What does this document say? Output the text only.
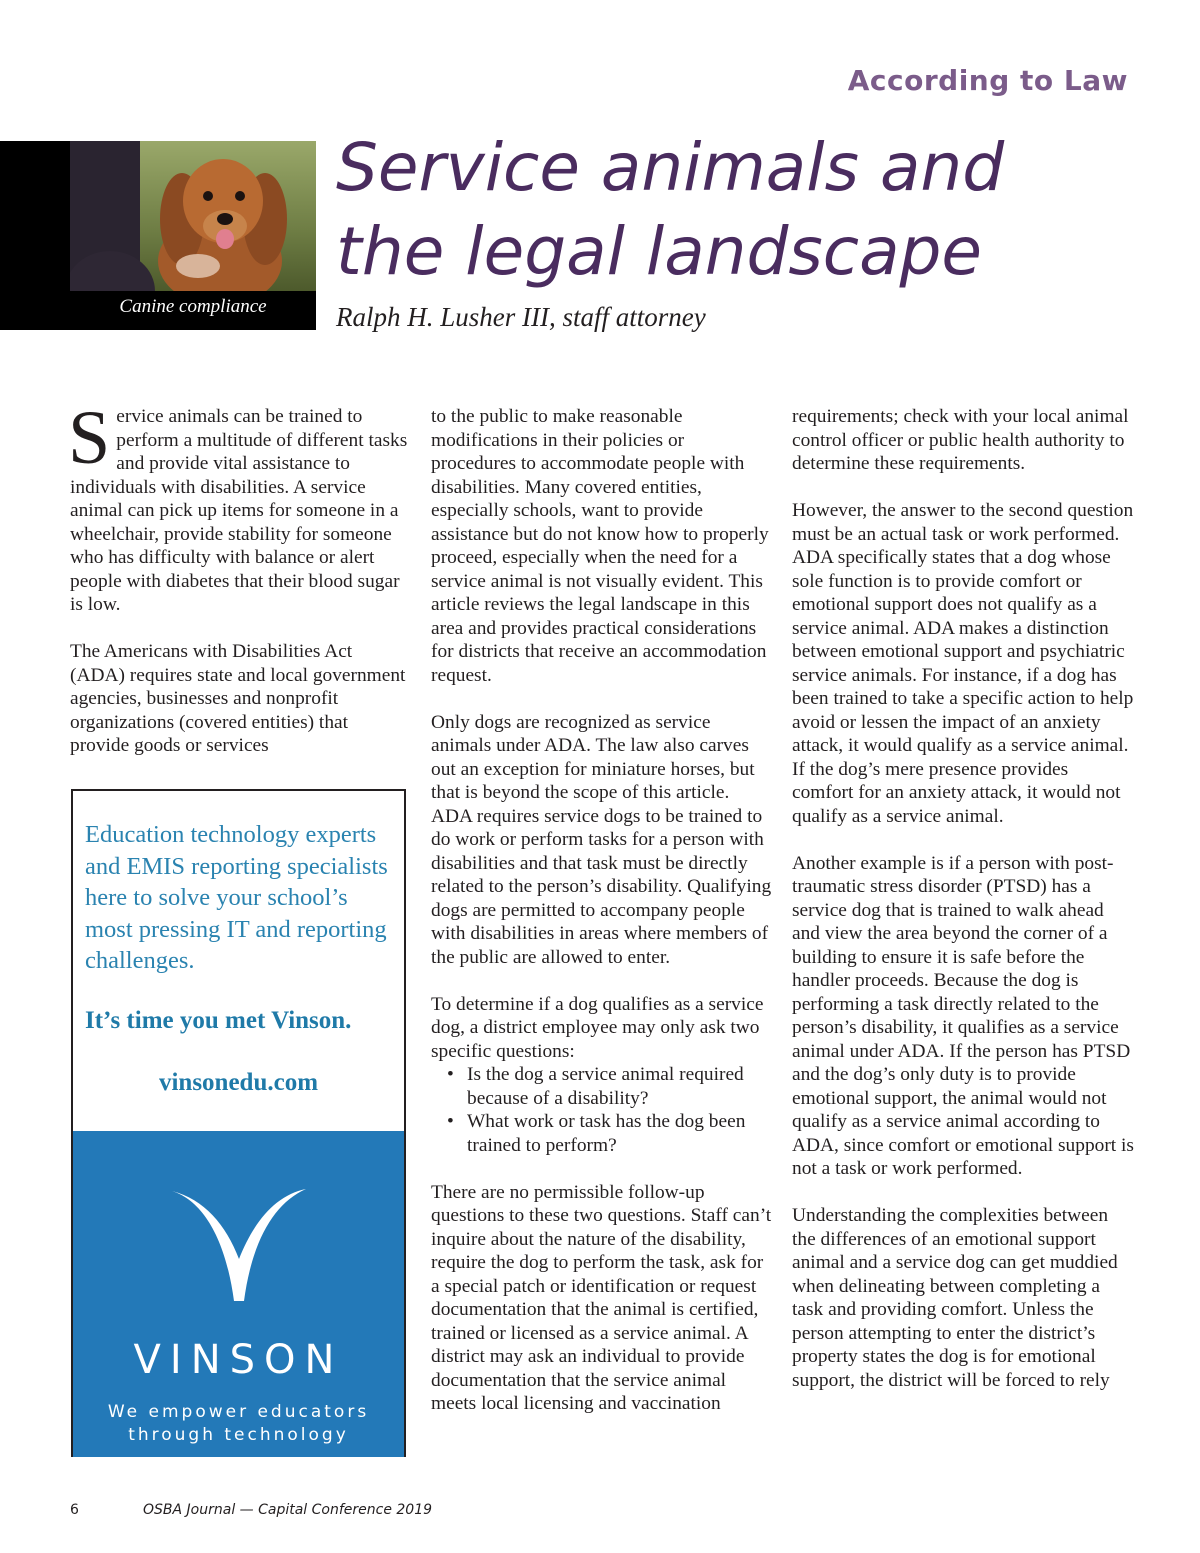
According to Law
Canine compliance
Service animals and
the legal landscape
Ralph H. Lusher III, staff attorney

Service animals can be trained to perform a multitude of different tasks and provide vital assistance to individuals with disabilities. A service animal can pick up items for someone in a wheelchair, provide stability for someone who has difficulty with balance or alert people with diabetes that their blood sugar is low.

The Americans with Disabilities Act (ADA) requires state and local government agencies, businesses and nonprofit organizations (covered entities) that provide goods or services

to the public to make reasonable modifications in their policies or procedures to accommodate people with disabilities. Many covered entities, especially schools, want to provide assistance but do not know how to properly proceed, especially when the need for a service animal is not visually evident. This article reviews the legal landscape in this area and provides practical considerations for districts that receive an accommodation request.

Only dogs are recognized as service animals under ADA. The law also carves out an exception for miniature horses, but that is beyond the scope of this article. ADA requires service dogs to be trained to do work or perform tasks for a person with disabilities and that task must be directly related to the person’s disability. Qualifying dogs are permitted to accompany people with disabilities in areas where members of the public are allowed to enter.

To determine if a dog qualifies as a service dog, a district employee may only ask two specific questions:

• Is the dog a service animal required because of a disability?
• What work or task has the dog been trained to perform?

There are no permissible follow-up questions to these two questions. Staff can’t inquire about the nature of the disability, require the dog to perform the task, ask for a special patch or identification or request documentation that the animal is certified, trained or licensed as a service animal. A district may ask an individual to provide documentation that the service animal meets local licensing and vaccination

requirements; check with your local animal control officer or public health authority to determine these requirements.

However, the answer to the second question must be an actual task or work performed. ADA specifically states that a dog whose sole function is to provide comfort or emotional support does not qualify as a service animal. ADA makes a distinction between emotional support and psychiatric service animals. For instance, if a dog has been trained to take a specific action to help avoid or lessen the impact of an anxiety attack, it would qualify as a service animal. If the dog’s mere presence provides comfort for an anxiety attack, it would not qualify as a service animal.

Another example is if a person with post-traumatic stress disorder (PTSD) has a service dog that is trained to walk ahead and view the area beyond the corner of a building to ensure it is safe before the handler proceeds. Because the dog is performing a task directly related to the person’s disability, it qualifies as a service animal under ADA. If the person has PTSD and the dog’s only duty is to provide emotional support, the animal would not qualify as a service animal according to ADA, since comfort or emotional support is not a task or work performed.

Understanding the complexities between the differences of an emotional support animal and a service dog can get muddied when delineating between completing a task and providing comfort. Unless the person attempting to enter the district’s property states the dog is for emotional support, the district will be forced to rely

Education technology experts and EMIS reporting specialists here to solve your school’s most pressing IT and reporting challenges.
It’s time you met Vinson.
vinsonedu.com
VINSON
We empower educators
through technology
6	OSBA Journal — Capital Conference 2019
